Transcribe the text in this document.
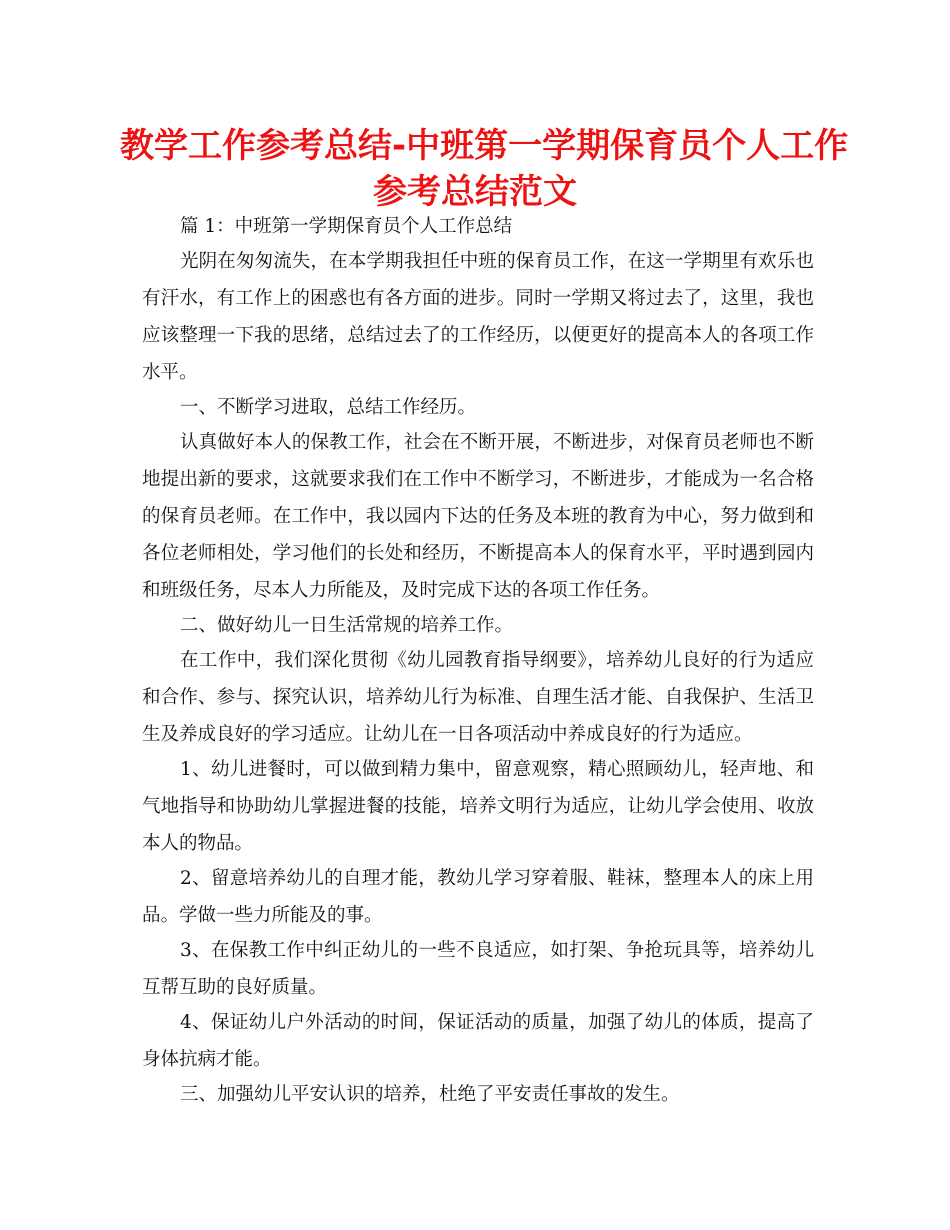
教学工作参考总结-中班第一学期保育员个人工作
参考总结范文
篇 1：中班第一学期保育员个人工作总结
光阴在匆匆流失，在本学期我担任中班的保育员工作，在这一学期里有欢乐也
有汗水，有工作上的困惑也有各方面的进步。同时一学期又将过去了，这里，我也
应该整理一下我的思绪，总结过去了的工作经历，以便更好的提高本人的各项工作
水平。
一、不断学习进取，总结工作经历。
认真做好本人的保教工作，社会在不断开展，不断进步，对保育员老师也不断
地提出新的要求，这就要求我们在工作中不断学习，不断进步，才能成为一名合格
的保育员老师。在工作中，我以园内下达的任务及本班的教育为中心，努力做到和
各位老师相处，学习他们的长处和经历，不断提高本人的保育水平，平时遇到园内
和班级任务，尽本人力所能及，及时完成下达的各项工作任务。
二、做好幼儿一日生活常规的培养工作。
在工作中，我们深化贯彻《幼儿园教育指导纲要》，培养幼儿良好的行为适应
和合作、参与、探究认识，培养幼儿行为标准、自理生活才能、自我保护、生活卫
生及养成良好的学习适应。让幼儿在一日各项活动中养成良好的行为适应。
1、幼儿进餐时，可以做到精力集中，留意观察，精心照顾幼儿，轻声地、和
气地指导和协助幼儿掌握进餐的技能，培养文明行为适应，让幼儿学会使用、收放
本人的物品。
2、留意培养幼儿的自理才能，教幼儿学习穿着服、鞋袜，整理本人的床上用
品。学做一些力所能及的事。
3、在保教工作中纠正幼儿的一些不良适应，如打架、争抢玩具等，培养幼儿
互帮互助的良好质量。
4、保证幼儿户外活动的时间，保证活动的质量，加强了幼儿的体质，提高了
身体抗病才能。
三、加强幼儿平安认识的培养，杜绝了平安责任事故的发生。
